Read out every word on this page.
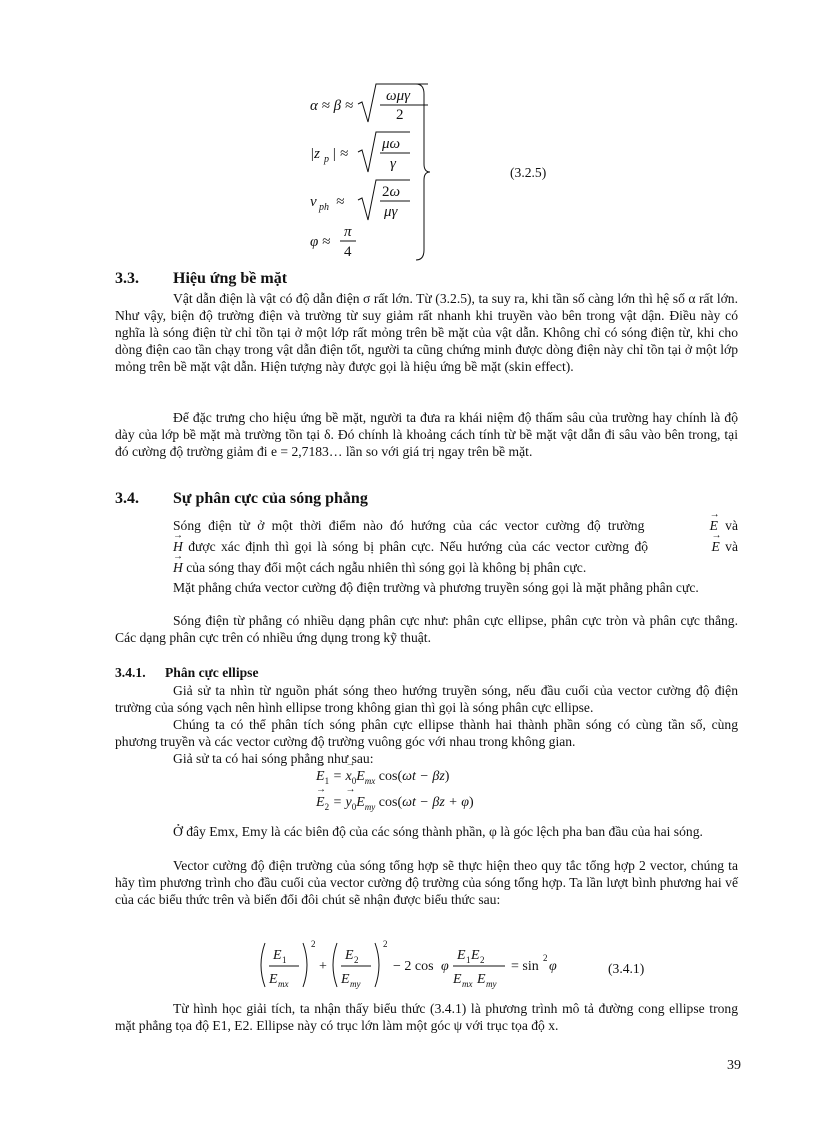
α ≈ β ≈
ωμγ
2
|z p | ≈
μω
γ
v ph ≈
2ω
μγ
φ ≈
π
4
(3.2.5)
3.3. Hiệu ứng bề mặt
Vật dẫn điện là vật có độ dẫn điện σ rất lớn. Từ (3.2.5), ta suy ra, khi tần số càng lớn thì hệ số α rất lớn. Như vậy, biện độ trường điện và trường từ suy giảm rất nhanh khi truyền vào bên trong vật dận. Điều này có nghĩa là sóng điện từ chỉ tồn tại ở một lớp rất mỏng trên bề mặt của vật dẫn. Không chỉ có sóng điện từ, khi cho dòng điện cao tần chạy trong vật dẫn điện tốt, người ta cũng chứng minh được dòng điện này chỉ tồn tại ở một lớp mỏng trên bề mặt vật dẫn. Hiện tượng này được gọi là hiệu ứng bề mặt (skin effect).
Để đặc trưng cho hiệu ứng bề mặt, người ta đưa ra khái niệm độ thấm sâu của trường hay chính là độ dày của lớp bề mặt mà trường tồn tại δ. Đó chính là khoảng cách tính từ bề mặt vật dẫn đi sâu vào bên trong, tại đó cường độ trường giảm đi e = 2,7183… lần so với giá trị ngay trên bề mặt.
3.4. Sự phân cực của sóng phẳng
Sóng điện từ ở một thời điểm nào đó hướng của các vector cường độ trường	→ E và → H được xác định thì gọi là sóng bị phân cực. Nếu hướng của các vector cường độ	→ E và → H của sóng thay đổi một cách ngẫu nhiên thì sóng gọi là không bị phân cực.
Mặt phẳng chứa vector cường độ điện trường và phương truyền sóng gọi là mặt phẳng phân cực.
Sóng điện từ phẳng có nhiều dạng phân cực như: phân cực ellipse, phân cực tròn và phân cực thẳng. Các dạng phân cực trên có nhiều ứng dụng trong kỹ thuật.
3.4.1. Phân cực ellipse
Giả sử ta nhìn từ nguồn phát sóng theo hướng truyền sóng, nếu đầu cuối của vector cường độ điện trường của sóng vạch nên hình ellipse trong không gian thì gọi là sóng phân cực ellipse.
Chúng ta có thể phân tích sóng phân cực ellipse thành hai thành phần sóng có cùng tần số, cùng phương truyền và các vector cường độ trường vuông góc với nhau trong không gian.
Giả sử ta có hai sóng phẳng như sau:
→ $E_1$ = → $x_0E_{mx}$ cos(ωt − βz)
→ $E_2$ = → $y_0E_{my}$ cos(ωt − βz + φ)
Ở đây Emx, Emy là các biên độ của các sóng thành phần, φ là góc lệch pha ban đầu của hai sóng.
Vector cường độ điện trường của sóng tổng hợp sẽ thực hiện theo quy tắc tổng hợp 2 vector, chúng ta hãy tìm phương trình cho đầu cuối của vector cường độ trường của sóng tổng hợp. Ta lần lượt bình phương hai vế của các biểu thức trên và biến đổi đôi chút sẽ nhận được biểu thức sau:
E 1
E mx
2
+
E 2
E my
2
− 2 cos φ
E 1 E 2
E mx E my
= sin
2
φ	(3.4.1)
Từ hình học giải tích, ta nhận thấy biểu thức (3.4.1) là phương trình mô tả đường cong ellipse trong mặt phẳng tọa độ E1, E2. Ellipse này có trục lớn làm một góc ψ với trục tọa độ x.
39
